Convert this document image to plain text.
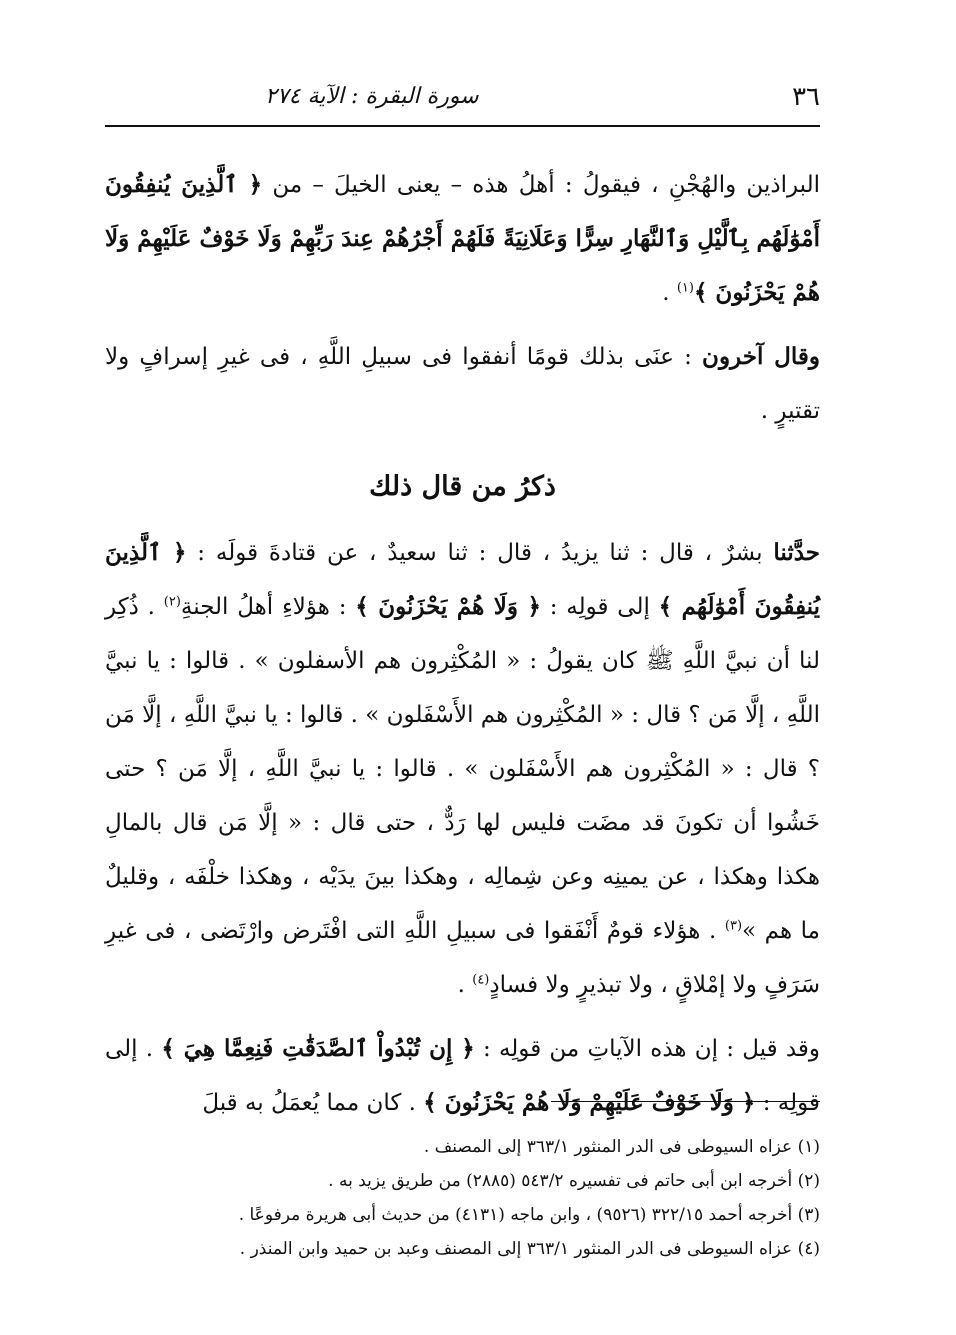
٣٦
سورة البقرة : الآية ٢٧٤

البراذين والهُجْنِ ، فيقولُ : أهلُ هذه – يعنى الخيلَ – من ﴿ ٱلَّذِينَ يُنفِقُونَ أَمْوَٰلَهُم بِٱلَّيْلِ وَٱلنَّهَارِ سِرًّا وَعَلَانِيَةً فَلَهُمْ أَجْرُهُمْ عِندَ رَبِّهِمْ وَلَا خَوْفٌ عَلَيْهِمْ وَلَا هُمْ يَحْزَنُونَ ﴾$^{(١)}$ .

وقال آخرون : عنَى بذلك قومًا أنفقوا فى سبيلِ اللَّهِ ، فى غيرِ إسرافٍ ولا تقتيرٍ .

ذكرُ من قال ذلك

حدَّثنا بشرٌ ، قال : ثنا يزيدُ ، قال : ثنا سعيدٌ ، عن قتادةَ قولَه : ﴿ ٱلَّذِينَ يُنفِقُونَ أَمْوَٰلَهُم ﴾ إلى قولِه : ﴿ وَلَا هُمْ يَحْزَنُونَ ﴾ : هؤلاءِ أهلُ الجنةِ$^{(٢)}$ . ذُكِر لنا أن نبيَّ اللَّهِ ﷺ كان يقولُ : « المُكْثِرون هم الأسفلون » . قالوا : يا نبيَّ اللَّهِ ، إلَّا مَن ؟ قال : « المُكْثِرون هم الأَسْفَلون » . قالوا : يا نبيَّ اللَّهِ ، إلَّا مَن ؟ قال : « المُكْثِرون هم الأَسْفَلون » . قالوا : يا نبيَّ اللَّهِ ، إلَّا مَن ؟ حتى خَشُوا أن تكونَ قد مضَت فليس لها رَدٌّ ، حتى قال : « إلَّا مَن قال بالمالِ هكذا وهكذا ، عن يمينِه وعن شِمالِه ، وهكذا بينَ يدَيْه ، وهكذا خلْفَه ، وقليلٌ ما هم »$^{(٣)}$ . هؤلاء قومٌ أَنْفَقوا فى سبيلِ اللَّهِ التى افْتَرض وارْتَضى ، فى غيرِ سَرَفٍ ولا إمْلاقٍ ، ولا تبذيرٍ ولا فسادٍ$^{(٤)}$ .

وقد قيل : إن هذه الآياتِ من قولِه : ﴿ إِن تُبْدُواْ ٱلصَّدَقَٰتِ فَنِعِمَّا هِيَ ﴾ . إلى قولِه : ﴿ وَلَا خَوْفٌ عَلَيْهِمْ وَلَا هُمْ يَحْزَنُونَ ﴾ . كان مما يُعمَلُ به قبلَ

(١) عزاه السيوطى فى الدر المنثور ٣٦٣/١ إلى المصنف .
(٢) أخرجه ابن أبى حاتم فى تفسيره ٥٤٣/٢ (٢٨٨٥) من طريق يزيد به .
(٣) أخرجه أحمد ٣٢٢/١٥ (٩٥٢٦) ، وابن ماجه (٤١٣١) من حديث أبى هريرة مرفوعًا .
(٤) عزاه السيوطى فى الدر المنثور ٣٦٣/١ إلى المصنف وعبد بن حميد وابن المنذر .
